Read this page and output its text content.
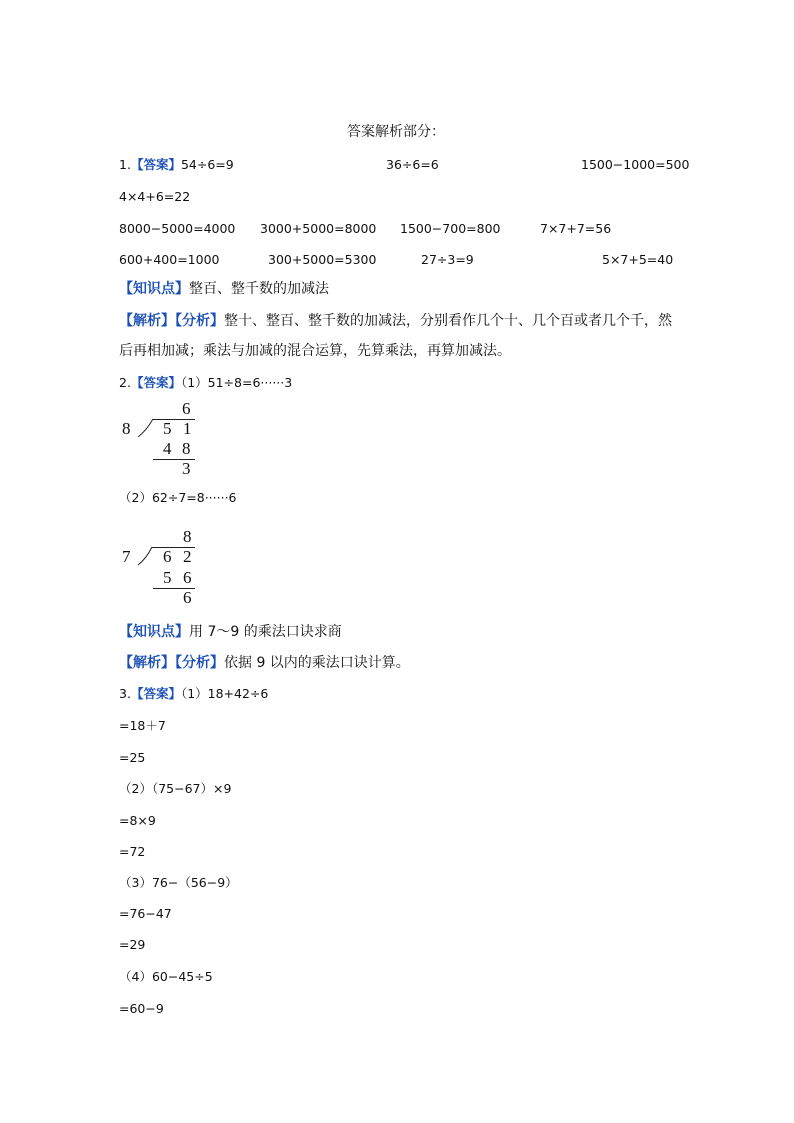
答案解析部分：
1.【答案】54÷6=9	36÷6=6	1500−1000=500
4×4+6=22
8000−5000=4000 3000+5000=8000 1500−700=800	7×7+7=56
600+400=1000	300+5000=5300	27÷3=9	5×7+5=40
【知识点】整百、整千数的加减法
【解析】【分析】整十、整百、整千数的加减法，分别看作几个十、几个百或者几个千，然
后再相加减；乘法与加减的混合运算，先算乘法，再算加减法。
2.【答案】（1）51÷8=6······3
6
8 5 1
4 8
3
（2）62÷7=8······6
8
7 6 2
5 6
6
【知识点】用 7～9 的乘法口诀求商
【解析】【分析】依据 9 以内的乘法口诀计算。
3.【答案】（1）18+42÷6
=18＋7
=25
（2）（75−67）×9
=8×9
=72
（3）76−（56−9）
=76−47
=29
（4）60−45÷5
=60−9
